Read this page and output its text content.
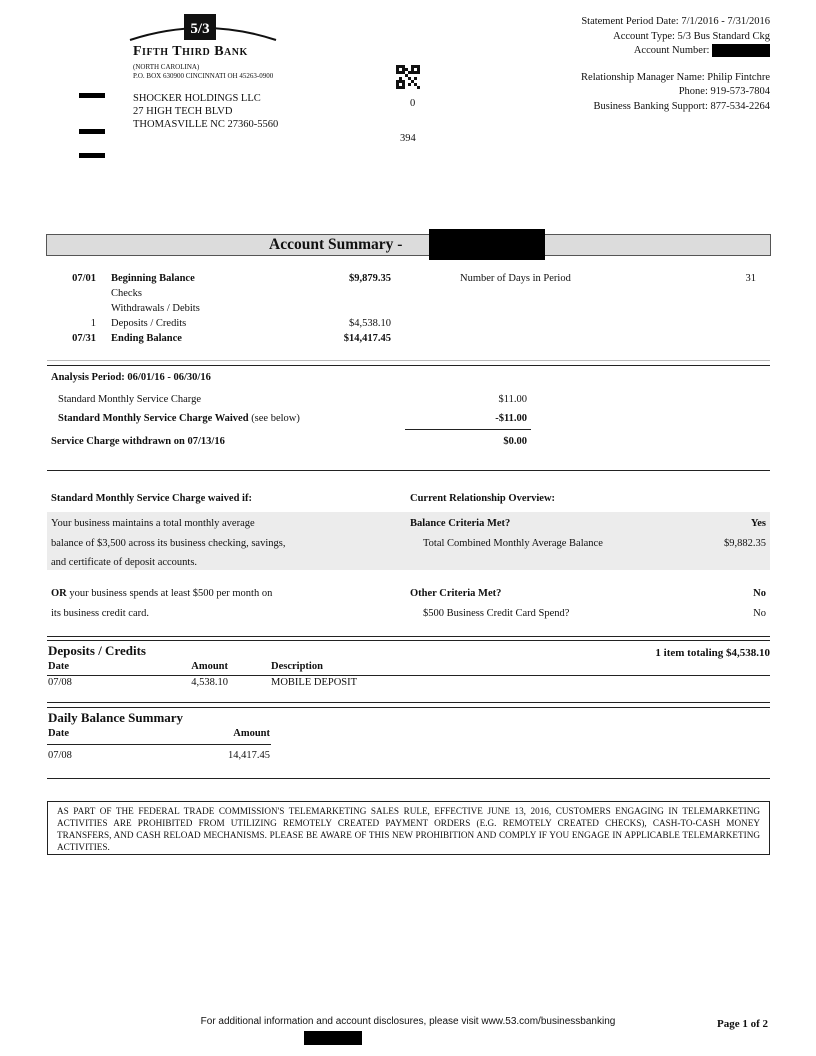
5/3
Fifth Third Bank
(NORTH CAROLINA)
P.O. BOX 630900 CINCINNATI OH 45263-0900
SHOCKER HOLDINGS LLC
27 HIGH TECH BLVD
THOMASVILLE NC 27360-5560
0
394
Statement Period Date: 7/1/2016 - 7/31/2016
Account Type: 5/3 Bus Standard Ckg
Account Number:
Relationship Manager Name: Philip Fintchre
Phone: 919-573-7804
Business Banking Support: 877-534-2264
Account Summary -
07/01 Beginning Balance	$9,879.35
Checks
Withdrawals / Debits
1 Deposits / Credits	$4,538.10
07/31 Ending Balance	$14,417.45
Number of Days in Period	31
Analysis Period: 06/01/16 - 06/30/16
Standard Monthly Service Charge	$11.00
Standard Monthly Service Charge Waived (see below)	-$11.00
Service Charge withdrawn on 07/13/16	$0.00
Standard Monthly Service Charge waived if:	Current Relationship Overview:
Your business maintains a total monthly average
balance of $3,500 across its business checking, savings,
and certificate of deposit accounts.
Balance Criteria Met?	Yes
Total Combined Monthly Average Balance	$9,882.35
OR your business spends at least $500 per month on
its business credit card.
Other Criteria Met?	No
$500 Business Credit Card Spend?	No
Deposits / Credits	1 item totaling $4,538.10
Date	Amount	Description
07/08	4,538.10	MOBILE DEPOSIT
Daily Balance Summary
Date	Amount
07/08	14,417.45
AS PART OF THE FEDERAL TRADE COMMISSION'S TELEMARKETING SALES RULE, EFFECTIVE JUNE 13, 2016, CUSTOMERS ENGAGING IN TELEMARKETING ACTIVITIES ARE PROHIBITED FROM UTILIZING REMOTELY CREATED PAYMENT ORDERS (E.G. REMOTELY CREATED CHECKS), CASH-TO-CASH MONEY TRANSFERS, AND CASH RELOAD MECHANISMS. PLEASE BE AWARE OF THIS NEW PROHIBITION AND COMPLY IF YOU ENGAGE IN APPLICABLE TELEMARKETING ACTIVITIES.
For additional information and account disclosures, please visit www.53.com/businessbanking	Page 1 of 2
